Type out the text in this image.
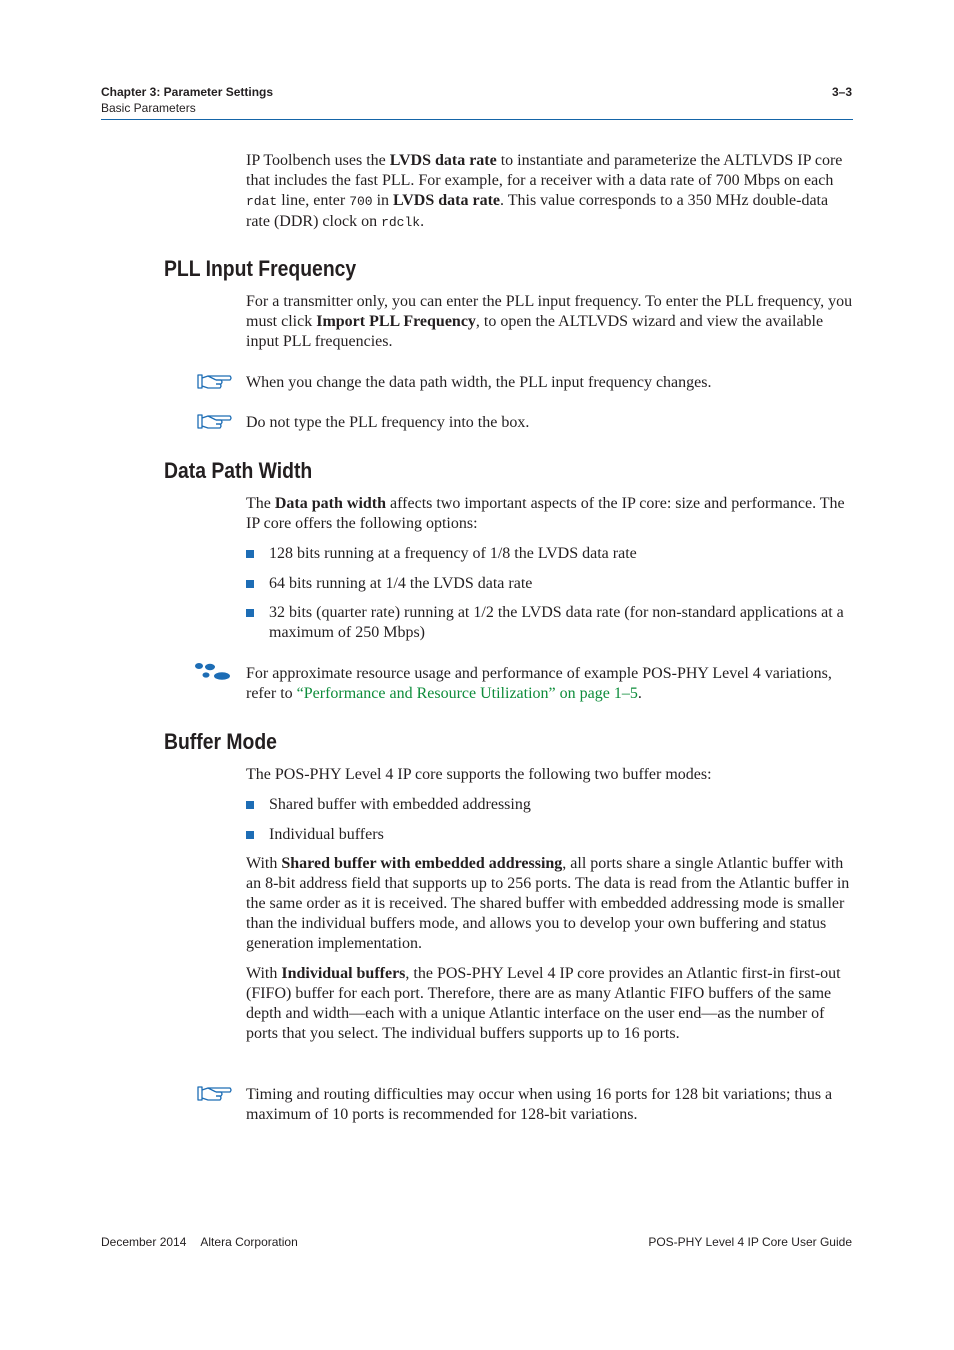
Chapter 3: Parameter Settings
Basic Parameters
3–3
IP Toolbench uses the LVDS data rate to instantiate and parameterize the ALTLVDS IP core that includes the fast PLL. For example, for a receiver with a data rate of 700 Mbps on each rdat line, enter 700 in LVDS data rate. This value corresponds to a 350 MHz double-data rate (DDR) clock on rdclk.
PLL Input Frequency
For a transmitter only, you can enter the PLL input frequency. To enter the PLL frequency, you must click Import PLL Frequency, to open the ALTLVDS wizard and view the available input PLL frequencies.
When you change the data path width, the PLL input frequency changes.
Do not type the PLL frequency into the box.
Data Path Width
The Data path width affects two important aspects of the IP core: size and performance. The IP core offers the following options:
128 bits running at a frequency of 1/8 the LVDS data rate
64 bits running at 1/4 the LVDS data rate
32 bits (quarter rate) running at 1/2 the LVDS data rate (for non-standard applications at a maximum of 250 Mbps)
For approximate resource usage and performance of example POS-PHY Level 4 variations, refer to “Performance and Resource Utilization” on page 1–5.
Buffer Mode
The POS-PHY Level 4 IP core supports the following two buffer modes:
Shared buffer with embedded addressing
Individual buffers
With Shared buffer with embedded addressing, all ports share a single Atlantic buffer with an 8-bit address field that supports up to 256 ports. The data is read from the Atlantic buffer in the same order as it is received. The shared buffer with embedded addressing mode is smaller than the individual buffers mode, and allows you to develop your own buffering and status generation implementation.
With Individual buffers, the POS-PHY Level 4 IP core provides an Atlantic first-in first-out (FIFO) buffer for each port. Therefore, there are as many Atlantic FIFO buffers of the same depth and width—each with a unique Atlantic interface on the user end—as the number of ports that you select. The individual buffers supports up to 16 ports.
Timing and routing difficulties may occur when using 16 ports for 128 bit variations; thus a maximum of 10 ports is recommended for 128-bit variations.
December 2014 Altera Corporation	POS-PHY Level 4 IP Core User Guide
